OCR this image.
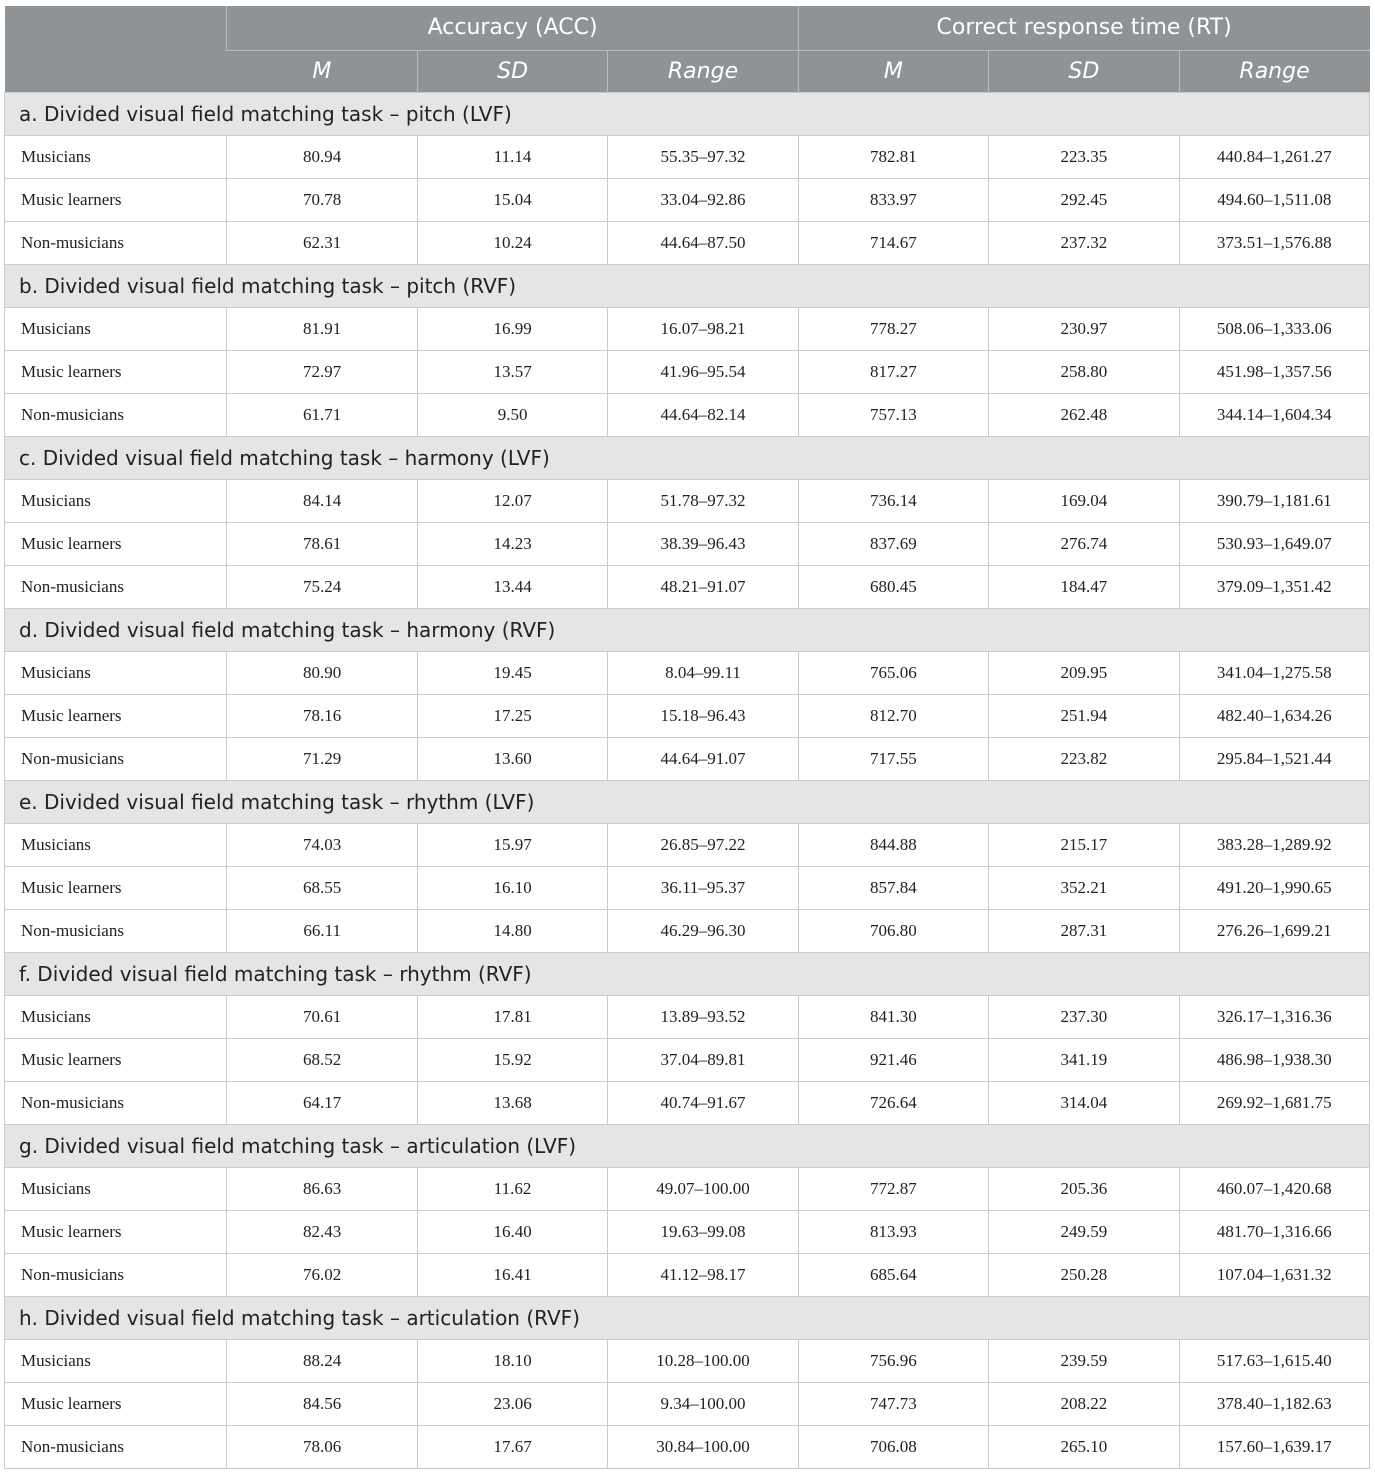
	Accuracy (ACC)			Correct response time (RT)		
	M	SD	Range	M	SD	Range
a. Divided visual field matching task – pitch (LVF)						
Musicians	80.94	11.14	55.35–97.32	782.81	223.35	440.84–1,261.27
Music learners	70.78	15.04	33.04–92.86	833.97	292.45	494.60–1,511.08
Non-musicians	62.31	10.24	44.64–87.50	714.67	237.32	373.51–1,576.88
b. Divided visual field matching task – pitch (RVF)						
Musicians	81.91	16.99	16.07–98.21	778.27	230.97	508.06–1,333.06
Music learners	72.97	13.57	41.96–95.54	817.27	258.80	451.98–1,357.56
Non-musicians	61.71	9.50	44.64–82.14	757.13	262.48	344.14–1,604.34
c. Divided visual field matching task – harmony (LVF)						
Musicians	84.14	12.07	51.78–97.32	736.14	169.04	390.79–1,181.61
Music learners	78.61	14.23	38.39–96.43	837.69	276.74	530.93–1,649.07
Non-musicians	75.24	13.44	48.21–91.07	680.45	184.47	379.09–1,351.42
d. Divided visual field matching task – harmony (RVF)						
Musicians	80.90	19.45	8.04–99.11	765.06	209.95	341.04–1,275.58
Music learners	78.16	17.25	15.18–96.43	812.70	251.94	482.40–1,634.26
Non-musicians	71.29	13.60	44.64–91.07	717.55	223.82	295.84–1,521.44
e. Divided visual field matching task – rhythm (LVF)						
Musicians	74.03	15.97	26.85–97.22	844.88	215.17	383.28–1,289.92
Music learners	68.55	16.10	36.11–95.37	857.84	352.21	491.20–1,990.65
Non-musicians	66.11	14.80	46.29–96.30	706.80	287.31	276.26–1,699.21
f. Divided visual field matching task – rhythm (RVF)						
Musicians	70.61	17.81	13.89–93.52	841.30	237.30	326.17–1,316.36
Music learners	68.52	15.92	37.04–89.81	921.46	341.19	486.98–1,938.30
Non-musicians	64.17	13.68	40.74–91.67	726.64	314.04	269.92–1,681.75
g. Divided visual field matching task – articulation (LVF)						
Musicians	86.63	11.62	49.07–100.00	772.87	205.36	460.07–1,420.68
Music learners	82.43	16.40	19.63–99.08	813.93	249.59	481.70–1,316.66
Non-musicians	76.02	16.41	41.12–98.17	685.64	250.28	107.04–1,631.32
h. Divided visual field matching task – articulation (RVF)						
Musicians	88.24	18.10	10.28–100.00	756.96	239.59	517.63–1,615.40
Music learners	84.56	23.06	9.34–100.00	747.73	208.22	378.40–1,182.63
Non-musicians	78.06	17.67	30.84–100.00	706.08	265.10	157.60–1,639.17
